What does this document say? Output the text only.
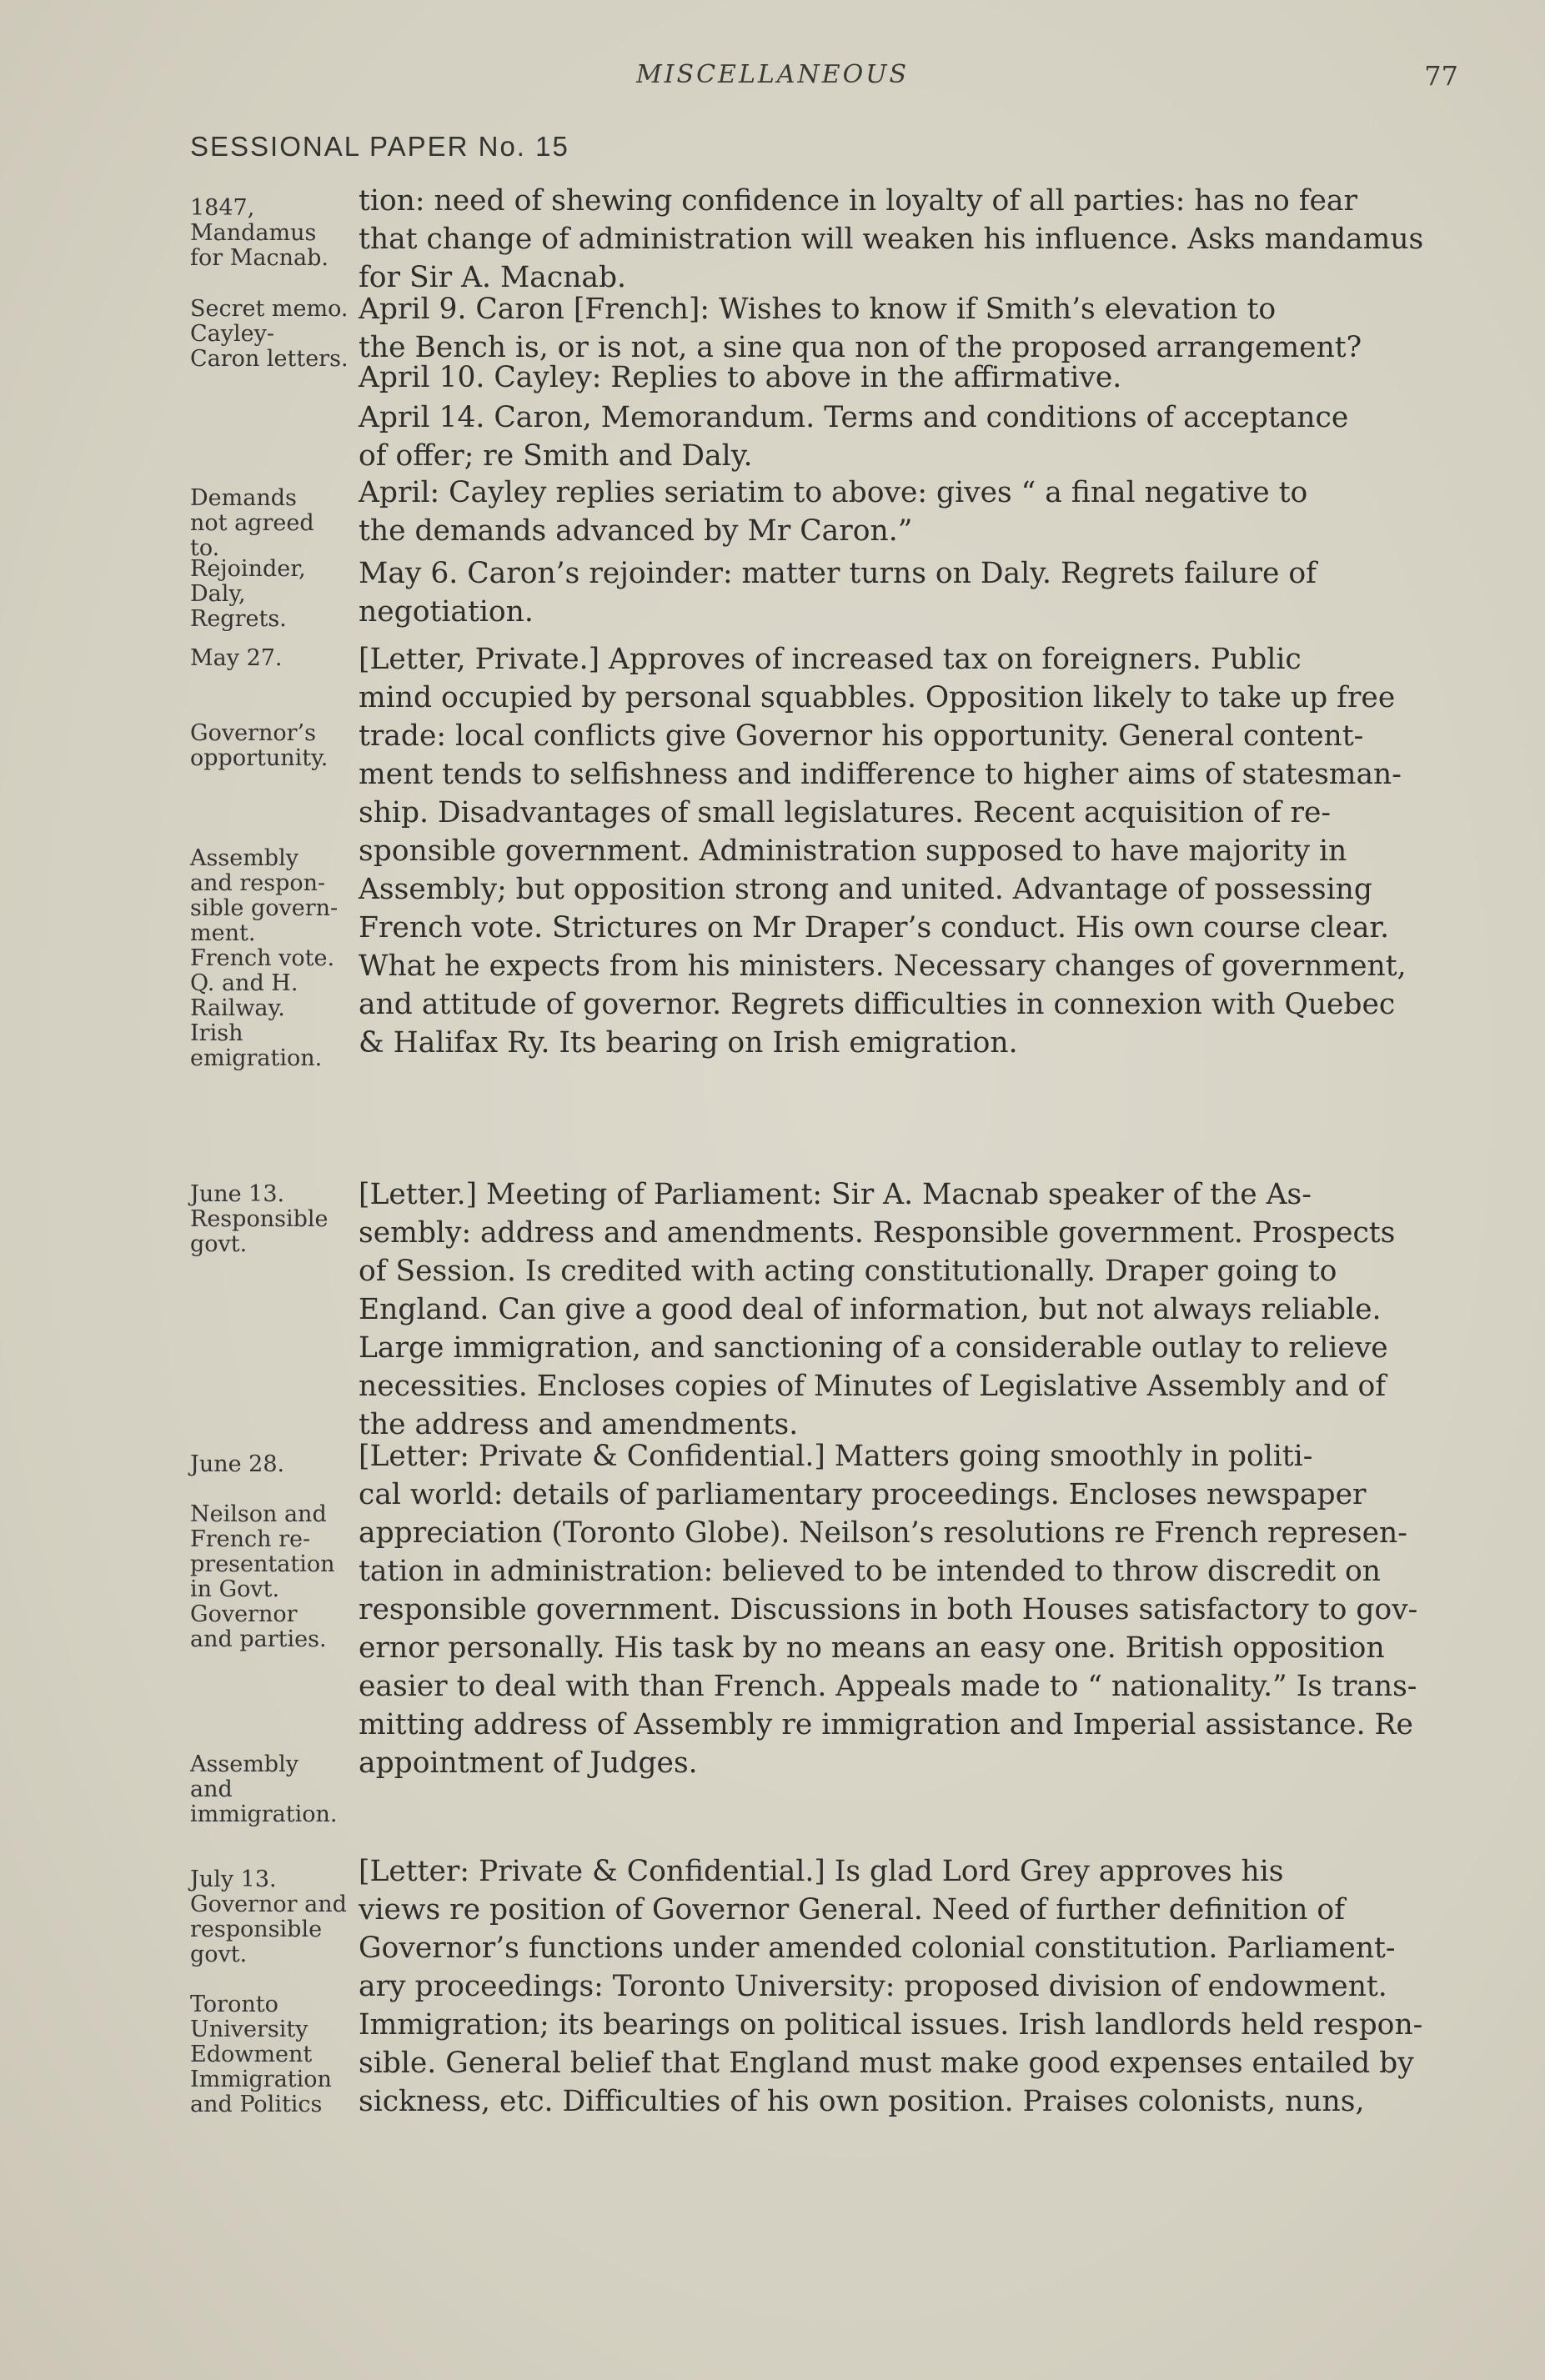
MISCELLANEOUS	77
SESSIONAL PAPER No. 15
1847,
Mandamus
for Macnab.
tion: need of shewing confidence in loyalty of all parties: has no fear
that change of administration will weaken his influence. Asks mandamus
for Sir A. Macnab.
Secret memo.
Cayley-
Caron letters.
April 9. Caron [French]: Wishes to know if Smith’s elevation to
the Bench is, or is not, a sine qua non of the proposed arrangement?
April 10. Cayley: Replies to above in the affirmative.
April 14. Caron, Memorandum. Terms and conditions of acceptance
of offer; re Smith and Daly.
Demands
not agreed
to.
April: Cayley replies seriatim to above: gives “ a final negative to
the demands advanced by Mr Caron.”
Rejoinder,
Daly,
Regrets.
May 6. Caron’s rejoinder: matter turns on Daly. Regrets failure of
negotiation.
May 27.

Governor’s
opportunity.

Assembly
and respon-
sible govern-
ment.
French vote.
Q. and H.
Railway.
Irish
emigration.
[Letter, Private.] Approves of increased tax on foreigners. Public
mind occupied by personal squabbles. Opposition likely to take up free
trade: local conflicts give Governor his opportunity. General content-
ment tends to selfishness and indifference to higher aims of statesman-
ship. Disadvantages of small legislatures. Recent acquisition of re-
sponsible government. Administration supposed to have majority in
Assembly; but opposition strong and united. Advantage of possessing
French vote. Strictures on Mr Draper’s conduct. His own course clear.
What he expects from his ministers. Necessary changes of government,
and attitude of governor. Regrets difficulties in connexion with Quebec
& Halifax Ry. Its bearing on Irish emigration.
June 13.
Responsible
govt.
[Letter.] Meeting of Parliament: Sir A. Macnab speaker of the As-
sembly: address and amendments. Responsible government. Prospects
of Session. Is credited with acting constitutionally. Draper going to
England. Can give a good deal of information, but not always reliable.
Large immigration, and sanctioning of a considerable outlay to relieve
necessities. Encloses copies of Minutes of Legislative Assembly and of
the address and amendments.
June 28.

Neilson and
French re-
presentation
in Govt.
Governor
and parties.

Assembly
and
immigration.
[Letter: Private & Confidential.] Matters going smoothly in politi-
cal world: details of parliamentary proceedings. Encloses newspaper
appreciation (Toronto Globe). Neilson’s resolutions re French represen-
tation in administration: believed to be intended to throw discredit on
responsible government. Discussions in both Houses satisfactory to gov-
ernor personally. His task by no means an easy one. British opposition
easier to deal with than French. Appeals made to “ nationality.” Is trans-
mitting address of Assembly re immigration and Imperial assistance. Re
appointment of Judges.
July 13.
Governor and
responsible
govt.

Toronto
University
Edowment
Immigration
and Politics
[Letter: Private & Confidential.] Is glad Lord Grey approves his
views re position of Governor General. Need of further definition of
Governor’s functions under amended colonial constitution. Parliament-
ary proceedings: Toronto University: proposed division of endowment.
Immigration; its bearings on political issues. Irish landlords held respon-
sible. General belief that England must make good expenses entailed by
sickness, etc. Difficulties of his own position. Praises colonists, nuns,
